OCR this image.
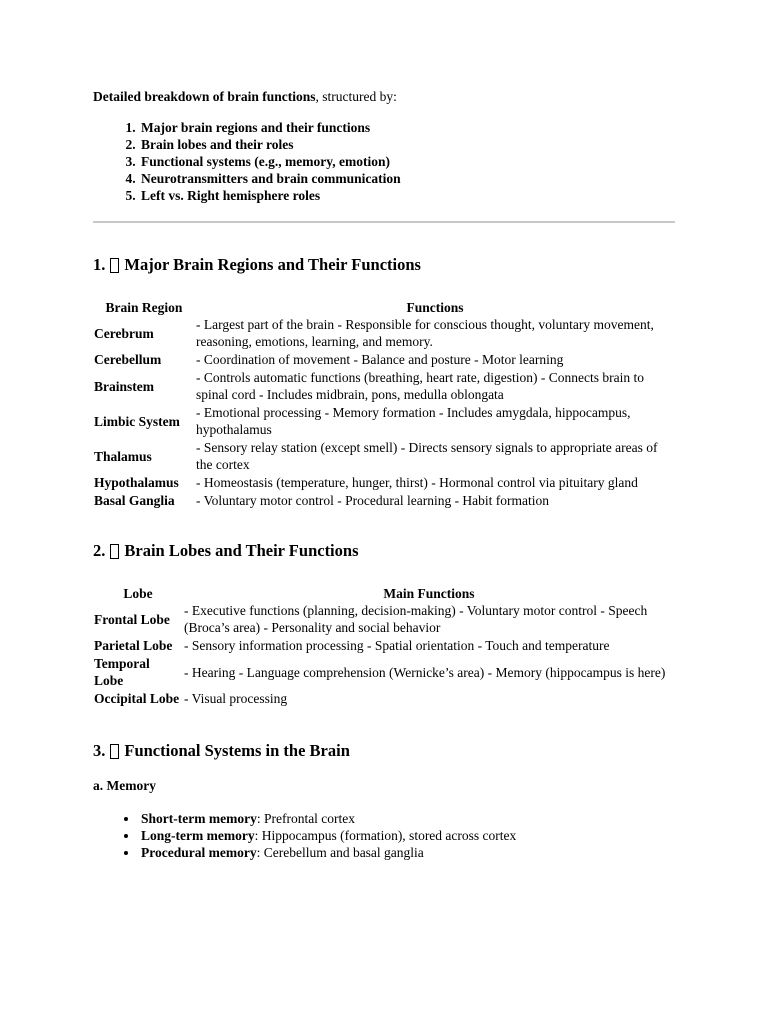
Detailed breakdown of brain functions, structured by:

1. Major brain regions and their functions
2. Brain lobes and their roles
3. Functional systems (e.g., memory, emotion)
4. Neurotransmitters and brain communication
5. Left vs. Right hemisphere roles
1. Major Brain Regions and Their Functions
Brain Region	Functions
Cerebrum	- Largest part of the brain - Responsible for conscious thought, voluntary movement, reasoning, emotions, learning, and memory.
Cerebellum	- Coordination of movement - Balance and posture - Motor learning
Brainstem	- Controls automatic functions (breathing, heart rate, digestion) - Connects brain to spinal cord - Includes midbrain, pons, medulla oblongata
Limbic System	- Emotional processing - Memory formation - Includes amygdala, hippocampus, hypothalamus
Thalamus	- Sensory relay station (except smell) - Directs sensory signals to appropriate areas of the cortex
Hypothalamus	- Homeostasis (temperature, hunger, thirst) - Hormonal control via pituitary gland
Basal Ganglia	- Voluntary motor control - Procedural learning - Habit formation
2. Brain Lobes and Their Functions
Lobe	Main Functions
Frontal Lobe	- Executive functions (planning, decision-making) - Voluntary motor control - Speech (Broca’s area) - Personality and social behavior
Parietal Lobe	- Sensory information processing - Spatial orientation - Touch and temperature
Temporal Lobe	- Hearing - Language comprehension (Wernicke’s area) - Memory (hippocampus is here)
Occipital Lobe	- Visual processing
3. Functional Systems in the Brain
a. Memory
• Short-term memory: Prefrontal cortex
• Long-term memory: Hippocampus (formation), stored across cortex
• Procedural memory: Cerebellum and basal ganglia
